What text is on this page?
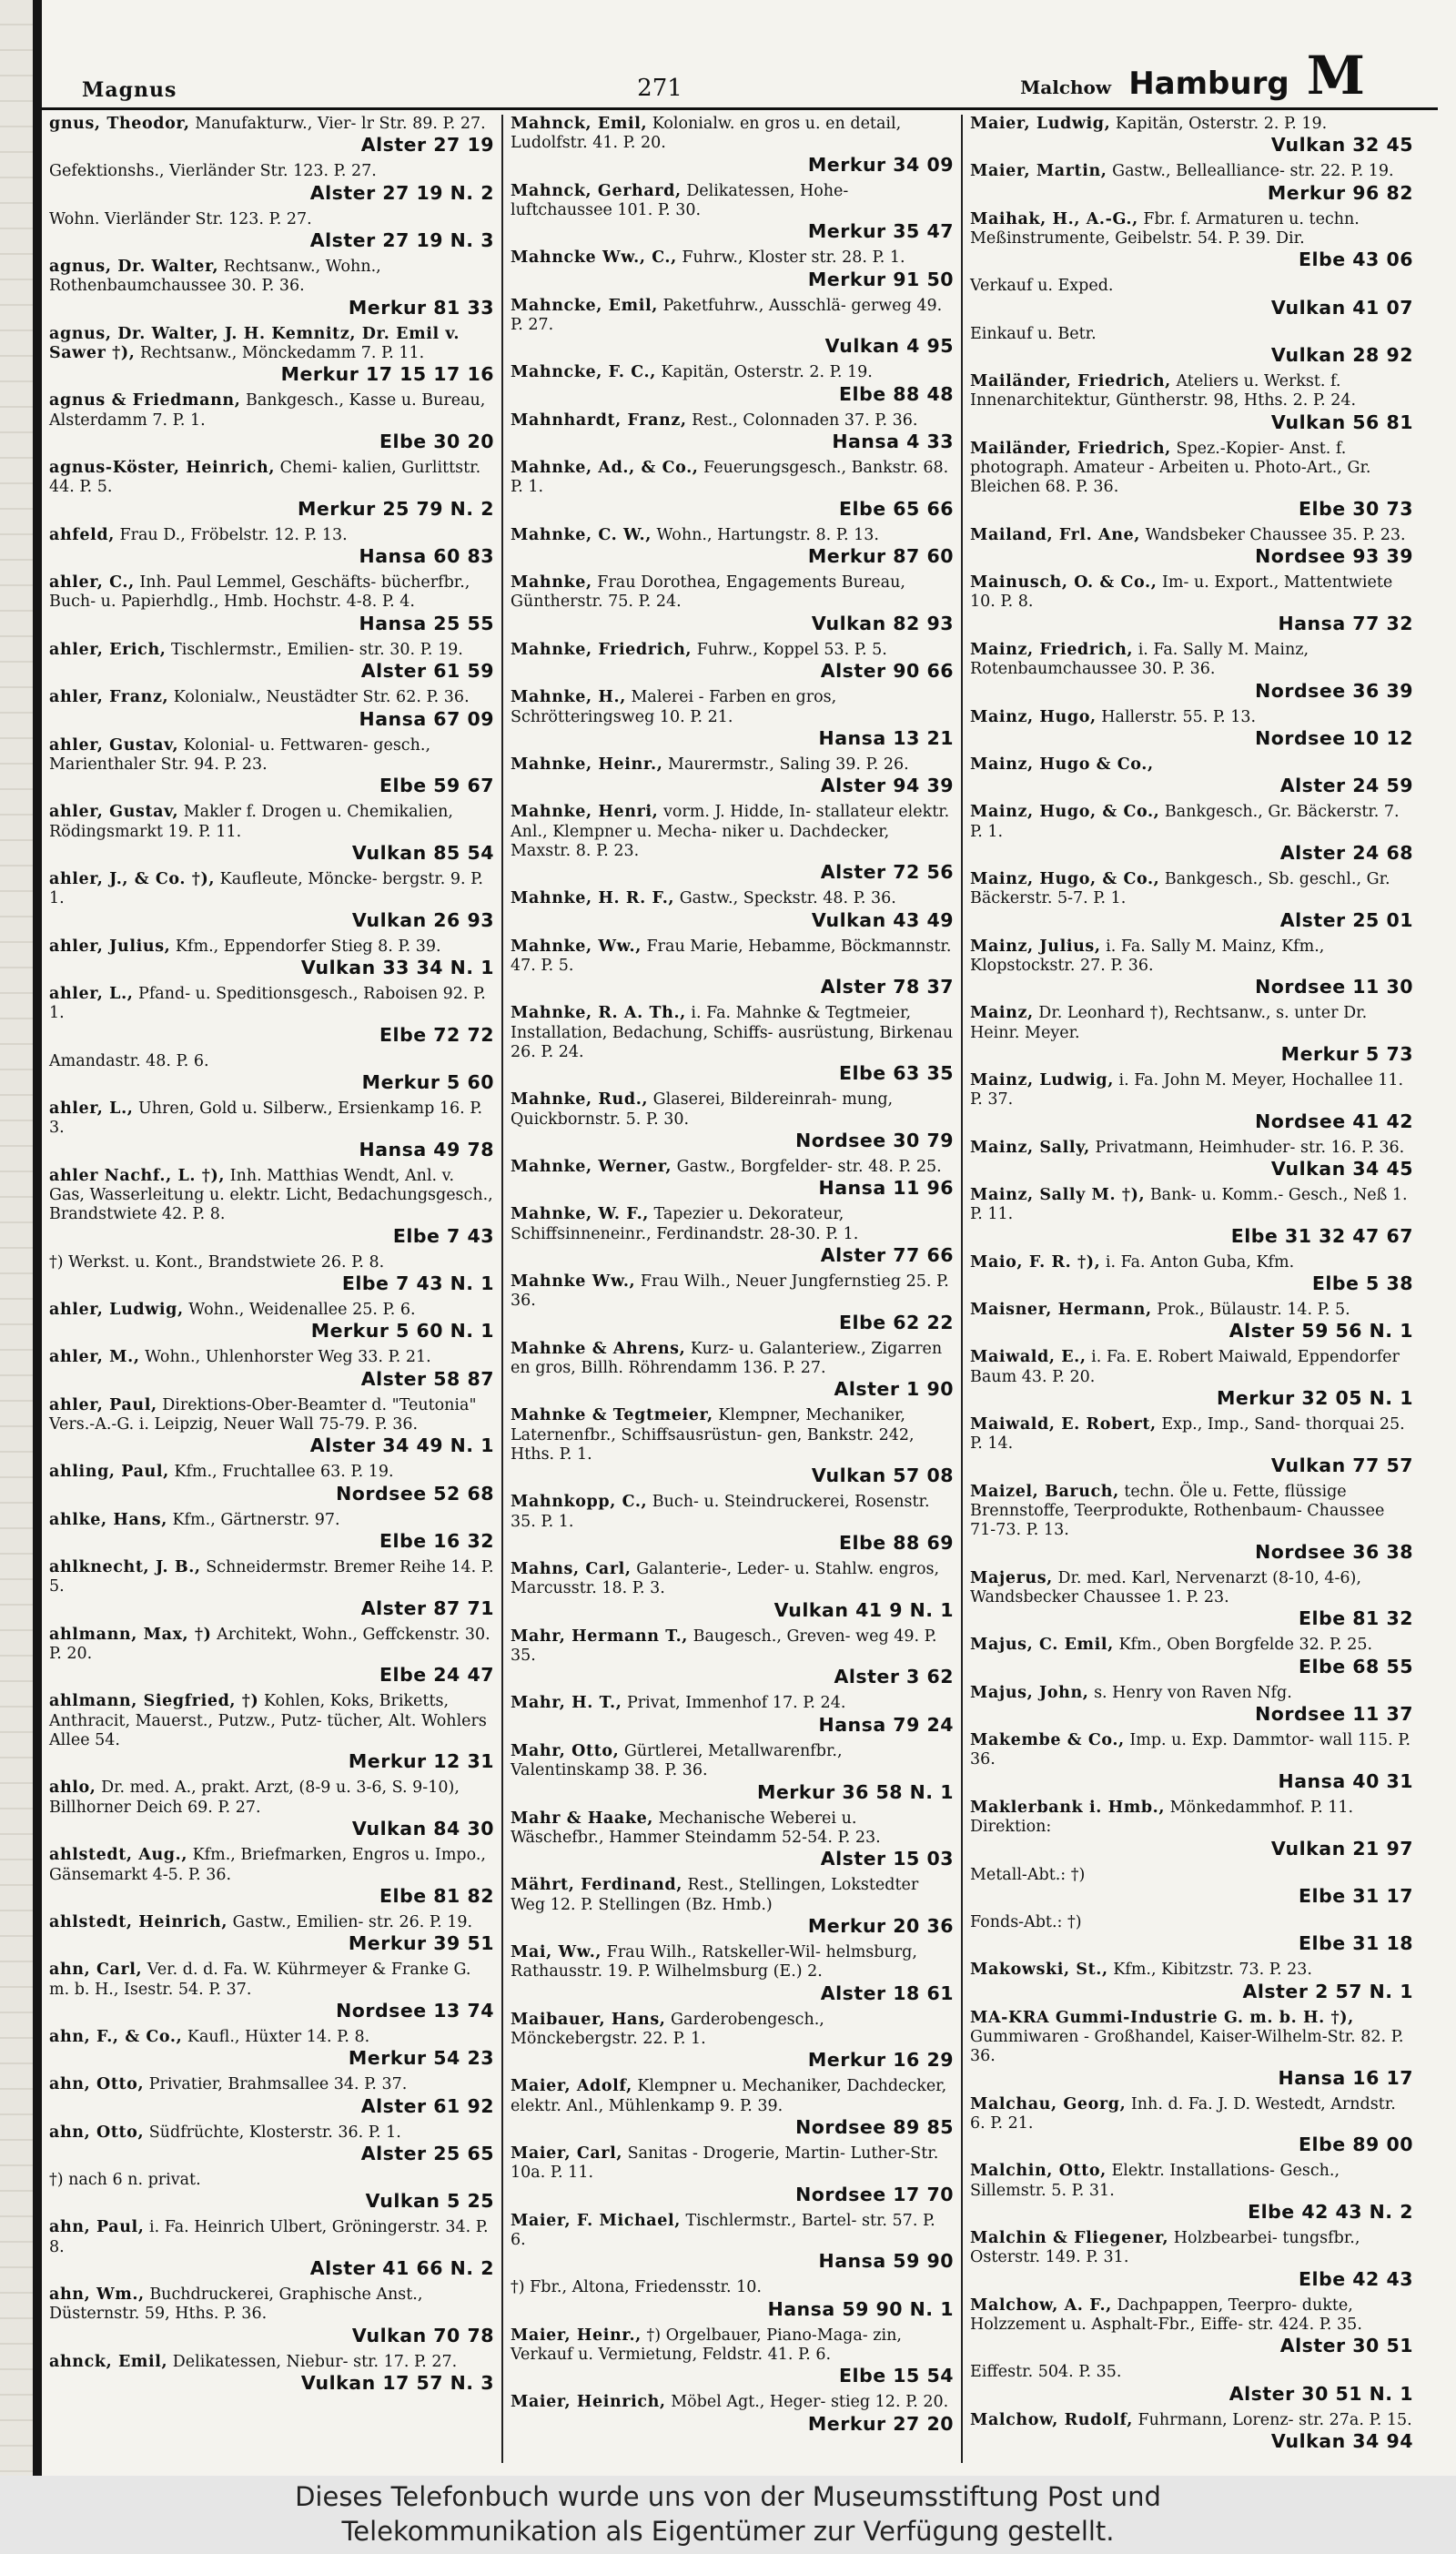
Magnus	271	Malchow Hamburg M
gnus, Theodor, Manufakturw., Vier- lr Str. 89. P. 27.
Alster 27 19
Gefektionshs., Vierländer Str. 123. P. 27.
Alster 27 19 N. 2
Wohn. Vierländer Str. 123. P. 27.
Alster 27 19 N. 3
agnus, Dr. Walter, Rechtsanw., Wohn., Rothenbaumchaussee 30. P. 36.
Merkur 81 33
agnus, Dr. Walter, J. H. Kemnitz, Dr. Emil v. Sawer †), Rechtsanw., Mönckedamm 7. P. 11.
Merkur 17 15 17 16
agnus & Friedmann, Bankgesch., Kasse u. Bureau, Alsterdamm 7. P. 1.
Elbe 30 20
agnus-Köster, Heinrich, Chemi- kalien, Gurlittstr. 44. P. 5.
Merkur 25 79 N. 2
ahfeld, Frau D., Fröbelstr. 12. P. 13.
Hansa 60 83
ahler, C., Inh. Paul Lemmel, Geschäfts- bücherfbr., Buch- u. Papierhdlg., Hmb. Hochstr. 4-8. P. 4.
Hansa 25 55
ahler, Erich, Tischlermstr., Emilien- str. 30. P. 19.
Alster 61 59
ahler, Franz, Kolonialw., Neustädter Str. 62. P. 36.
Hansa 67 09
ahler, Gustav, Kolonial- u. Fettwaren- gesch., Marienthaler Str. 94. P. 23.
Elbe 59 67
ahler, Gustav, Makler f. Drogen u. Chemikalien, Rödingsmarkt 19. P. 11.
Vulkan 85 54
ahler, J., & Co. †), Kaufleute, Möncke- bergstr. 9. P. 1.
Vulkan 26 93
ahler, Julius, Kfm., Eppendorfer Stieg 8. P. 39.
Vulkan 33 34 N. 1
ahler, L., Pfand- u. Speditionsgesch., Raboisen 92. P. 1.
Elbe 72 72
Amandastr. 48. P. 6.
Merkur 5 60
ahler, L., Uhren, Gold u. Silberw., Ersienkamp 16. P. 3.
Hansa 49 78
ahler Nachf., L. †), Inh. Matthias Wendt, Anl. v. Gas, Wasserleitung u. elektr. Licht, Bedachungsgesch., Brandstwiete 42. P. 8.
Elbe 7 43
†) Werkst. u. Kont., Brandstwiete 26. P. 8.
Elbe 7 43 N. 1
ahler, Ludwig, Wohn., Weidenallee 25. P. 6.
Merkur 5 60 N. 1
ahler, M., Wohn., Uhlenhorster Weg 33. P. 21.
Alster 58 87
ahler, Paul, Direktions-Ober-Beamter d. "Teutonia" Vers.-A.-G. i. Leipzig, Neuer Wall 75-79. P. 36.
Alster 34 49 N. 1
ahling, Paul, Kfm., Fruchtallee 63. P. 19.
Nordsee 52 68
ahlke, Hans, Kfm., Gärtnerstr. 97.
Elbe 16 32
ahlknecht, J. B., Schneidermstr. Bremer Reihe 14. P. 5.
Alster 87 71
ahlmann, Max, †) Architekt, Wohn., Geffckenstr. 30. P. 20.
Elbe 24 47
ahlmann, Siegfried, †) Kohlen, Koks, Briketts, Anthracit, Mauerst., Putzw., Putz- tücher, Alt. Wohlers Allee 54.
Merkur 12 31
ahlo, Dr. med. A., prakt. Arzt, (8-9 u. 3-6, S. 9-10), Billhorner Deich 69. P. 27.
Vulkan 84 30
ahlstedt, Aug., Kfm., Briefmarken, Engros u. Impo., Gänsemarkt 4-5. P. 36.
Elbe 81 82
ahlstedt, Heinrich, Gastw., Emilien- str. 26. P. 19.
Merkur 39 51
ahn, Carl, Ver. d. d. Fa. W. Kührmeyer & Franke G. m. b. H., Isestr. 54. P. 37.
Nordsee 13 74
ahn, F., & Co., Kaufl., Hüxter 14. P. 8.
Merkur 54 23
ahn, Otto, Privatier, Brahmsallee 34. P. 37.
Alster 61 92
ahn, Otto, Südfrüchte, Klosterstr. 36. P. 1.
Alster 25 65
†) nach 6 n. privat.
Vulkan 5 25
ahn, Paul, i. Fa. Heinrich Ulbert, Gröningerstr. 34. P. 8.
Alster 41 66 N. 2
ahn, Wm., Buchdruckerei, Graphische Anst., Düsternstr. 59, Hths. P. 36.
Vulkan 70 78
ahnck, Emil, Delikatessen, Niebur- str. 17. P. 27.
Vulkan 17 57 N. 3
Mahnck, Emil, Kolonialw. en gros u. en detail, Ludolfstr. 41. P. 20.
Merkur 34 09
Mahnck, Gerhard, Delikatessen, Hohe- luftchaussee 101. P. 30.
Merkur 35 47
Mahncke Ww., C., Fuhrw., Kloster str. 28. P. 1.
Merkur 91 50
Mahncke, Emil, Paketfuhrw., Ausschlä- gerweg 49. P. 27.
Vulkan 4 95
Mahncke, F. C., Kapitän, Osterstr. 2. P. 19.
Elbe 88 48
Mahnhardt, Franz, Rest., Colonnaden 37. P. 36.
Hansa 4 33
Mahnke, Ad., & Co., Feuerungsgesch., Bankstr. 68. P. 1.
Elbe 65 66
Mahnke, C. W., Wohn., Hartungstr. 8. P. 13.
Merkur 87 60
Mahnke, Frau Dorothea, Engagements Bureau, Güntherstr. 75. P. 24.
Vulkan 82 93
Mahnke, Friedrich, Fuhrw., Koppel 53. P. 5.
Alster 90 66
Mahnke, H., Malerei - Farben en gros, Schrötteringsweg 10. P. 21.
Hansa 13 21
Mahnke, Heinr., Maurermstr., Saling 39. P. 26.
Alster 94 39
Mahnke, Henri, vorm. J. Hidde, In- stallateur elektr. Anl., Klempner u. Mecha- niker u. Dachdecker, Maxstr. 8. P. 23.
Alster 72 56
Mahnke, H. R. F., Gastw., Speckstr. 48. P. 36.
Vulkan 43 49
Mahnke, Ww., Frau Marie, Hebamme, Böckmannstr. 47. P. 5.
Alster 78 37
Mahnke, R. A. Th., i. Fa. Mahnke & Tegtmeier, Installation, Bedachung, Schiffs- ausrüstung, Birkenau 26. P. 24.
Elbe 63 35
Mahnke, Rud., Glaserei, Bildereinrah- mung, Quickbornstr. 5. P. 30.
Nordsee 30 79
Mahnke, Werner, Gastw., Borgfelder- str. 48. P. 25.
Hansa 11 96
Mahnke, W. F., Tapezier u. Dekorateur, Schiffsinneneinr., Ferdinandstr. 28-30. P. 1.
Alster 77 66
Mahnke Ww., Frau Wilh., Neuer Jungfernstieg 25. P. 36.
Elbe 62 22
Mahnke & Ahrens, Kurz- u. Galanteriew., Zigarren en gros, Billh. Röhrendamm 136. P. 27.
Alster 1 90
Mahnke & Tegtmeier, Klempner, Mechaniker, Laternenfbr., Schiffsausrüstun- gen, Bankstr. 242, Hths. P. 1.
Vulkan 57 08
Mahnkopp, C., Buch- u. Steindruckerei, Rosenstr. 35. P. 1.
Elbe 88 69
Mahns, Carl, Galanterie-, Leder- u. Stahlw. engros, Marcusstr. 18. P. 3.
Vulkan 41 9 N. 1
Mahr, Hermann T., Baugesch., Greven- weg 49. P. 35.
Alster 3 62
Mahr, H. T., Privat, Immenhof 17. P. 24.
Hansa 79 24
Mahr, Otto, Gürtlerei, Metallwarenfbr., Valentinskamp 38. P. 36.
Merkur 36 58 N. 1
Mahr & Haake, Mechanische Weberei u. Wäschefbr., Hammer Steindamm 52-54. P. 23.
Alster 15 03
Mährt, Ferdinand, Rest., Stellingen, Lokstedter Weg 12. P. Stellingen (Bz. Hmb.)
Merkur 20 36
Mai, Ww., Frau Wilh., Ratskeller-Wil- helmsburg, Rathausstr. 19. P. Wilhelmsburg (E.) 2.
Alster 18 61
Maibauer, Hans, Garderobengesch., Mönckebergstr. 22. P. 1.
Merkur 16 29
Maier, Adolf, Klempner u. Mechaniker, Dachdecker, elektr. Anl., Mühlenkamp 9. P. 39.
Nordsee 89 85
Maier, Carl, Sanitas - Drogerie, Martin- Luther-Str. 10a. P. 11.
Nordsee 17 70
Maier, F. Michael, Tischlermstr., Bartel- str. 57. P. 6.
Hansa 59 90
†) Fbr., Altona, Friedensstr. 10.
Hansa 59 90 N. 1
Maier, Heinr., †) Orgelbauer, Piano-Maga- zin, Verkauf u. Vermietung, Feldstr. 41. P. 6.
Elbe 15 54
Maier, Heinrich, Möbel Agt., Heger- stieg 12. P. 20.
Merkur 27 20
Maier, Ludwig, Kapitän, Osterstr. 2. P. 19.
Vulkan 32 45
Maier, Martin, Gastw., Bellealliance- str. 22. P. 19.
Merkur 96 82
Maihak, H., A.-G., Fbr. f. Armaturen u. techn. Meßinstrumente, Geibelstr. 54. P. 39. Dir.
Elbe 43 06
Verkauf u. Exped.
Vulkan 41 07
Einkauf u. Betr.
Vulkan 28 92
Mailänder, Friedrich, Ateliers u. Werkst. f. Innenarchitektur, Güntherstr. 98, Hths. 2. P. 24.
Vulkan 56 81
Mailänder, Friedrich, Spez.-Kopier- Anst. f. photograph. Amateur - Arbeiten u. Photo-Art., Gr. Bleichen 68. P. 36.
Elbe 30 73
Mailand, Frl. Ane, Wandsbeker Chaussee 35. P. 23.
Nordsee 93 39
Mainusch, O. & Co., Im- u. Export., Mattentwiete 10. P. 8.
Hansa 77 32
Mainz, Friedrich, i. Fa. Sally M. Mainz, Rotenbaumchaussee 30. P. 36.
Nordsee 36 39
Mainz, Hugo, Hallerstr. 55. P. 13.
Nordsee 10 12
Mainz, Hugo & Co.,
Alster 24 59
Mainz, Hugo, & Co., Bankgesch., Gr. Bäckerstr. 7. P. 1.
Alster 24 68
Mainz, Hugo, & Co., Bankgesch., Sb. geschl., Gr. Bäckerstr. 5-7. P. 1.
Alster 25 01
Mainz, Julius, i. Fa. Sally M. Mainz, Kfm., Klopstockstr. 27. P. 36.
Nordsee 11 30
Mainz, Dr. Leonhard †), Rechtsanw., s. unter Dr. Heinr. Meyer.
Merkur 5 73
Mainz, Ludwig, i. Fa. John M. Meyer, Hochallee 11. P. 37.
Nordsee 41 42
Mainz, Sally, Privatmann, Heimhuder- str. 16. P. 36.
Vulkan 34 45
Mainz, Sally M. †), Bank- u. Komm.- Gesch., Neß 1. P. 11.
Elbe 31 32 47 67
Maio, F. R. †), i. Fa. Anton Guba, Kfm.
Elbe 5 38
Maisner, Hermann, Prok., Bülaustr. 14. P. 5.
Alster 59 56 N. 1
Maiwald, E., i. Fa. E. Robert Maiwald, Eppendorfer Baum 43. P. 20.
Merkur 32 05 N. 1
Maiwald, E. Robert, Exp., Imp., Sand- thorquai 25. P. 14.
Vulkan 77 57
Maizel, Baruch, techn. Öle u. Fette, flüssige Brennstoffe, Teerprodukte, Rothenbaum- Chaussee 71-73. P. 13.
Nordsee 36 38
Majerus, Dr. med. Karl, Nervenarzt (8-10, 4-6), Wandsbecker Chaussee 1. P. 23.
Elbe 81 32
Majus, C. Emil, Kfm., Oben Borgfelde 32. P. 25.
Elbe 68 55
Majus, John, s. Henry von Raven Nfg.
Nordsee 11 37
Makembe & Co., Imp. u. Exp. Dammtor- wall 115. P. 36.
Hansa 40 31
Maklerbank i. Hmb., Mönkedammhof. P. 11. Direktion:
Vulkan 21 97
Metall-Abt.: †)
Elbe 31 17
Fonds-Abt.: †)
Elbe 31 18
Makowski, St., Kfm., Kibitzstr. 73. P. 23.
Alster 2 57 N. 1
MA-KRA Gummi-Industrie G. m. b. H. †), Gummiwaren - Großhandel, Kaiser-Wilhelm-Str. 82. P. 36.
Hansa 16 17
Malchau, Georg, Inh. d. Fa. J. D. Westedt, Arndstr. 6. P. 21.
Elbe 89 00
Malchin, Otto, Elektr. Installations- Gesch., Sillemstr. 5. P. 31.
Elbe 42 43 N. 2
Malchin & Fliegener, Holzbearbei- tungsfbr., Osterstr. 149. P. 31.
Elbe 42 43
Malchow, A. F., Dachpappen, Teerpro- dukte, Holzzement u. Asphalt-Fbr., Eiffe- str. 424. P. 35.
Alster 30 51
Eiffestr. 504. P. 35.
Alster 30 51 N. 1
Malchow, Rudolf, Fuhrmann, Lorenz- str. 27a. P. 15.
Vulkan 34 94
Dieses Telefonbuch wurde uns von der Museumsstiftung Post und
Telekommunikation als Eigentümer zur Verfügung gestellt.
